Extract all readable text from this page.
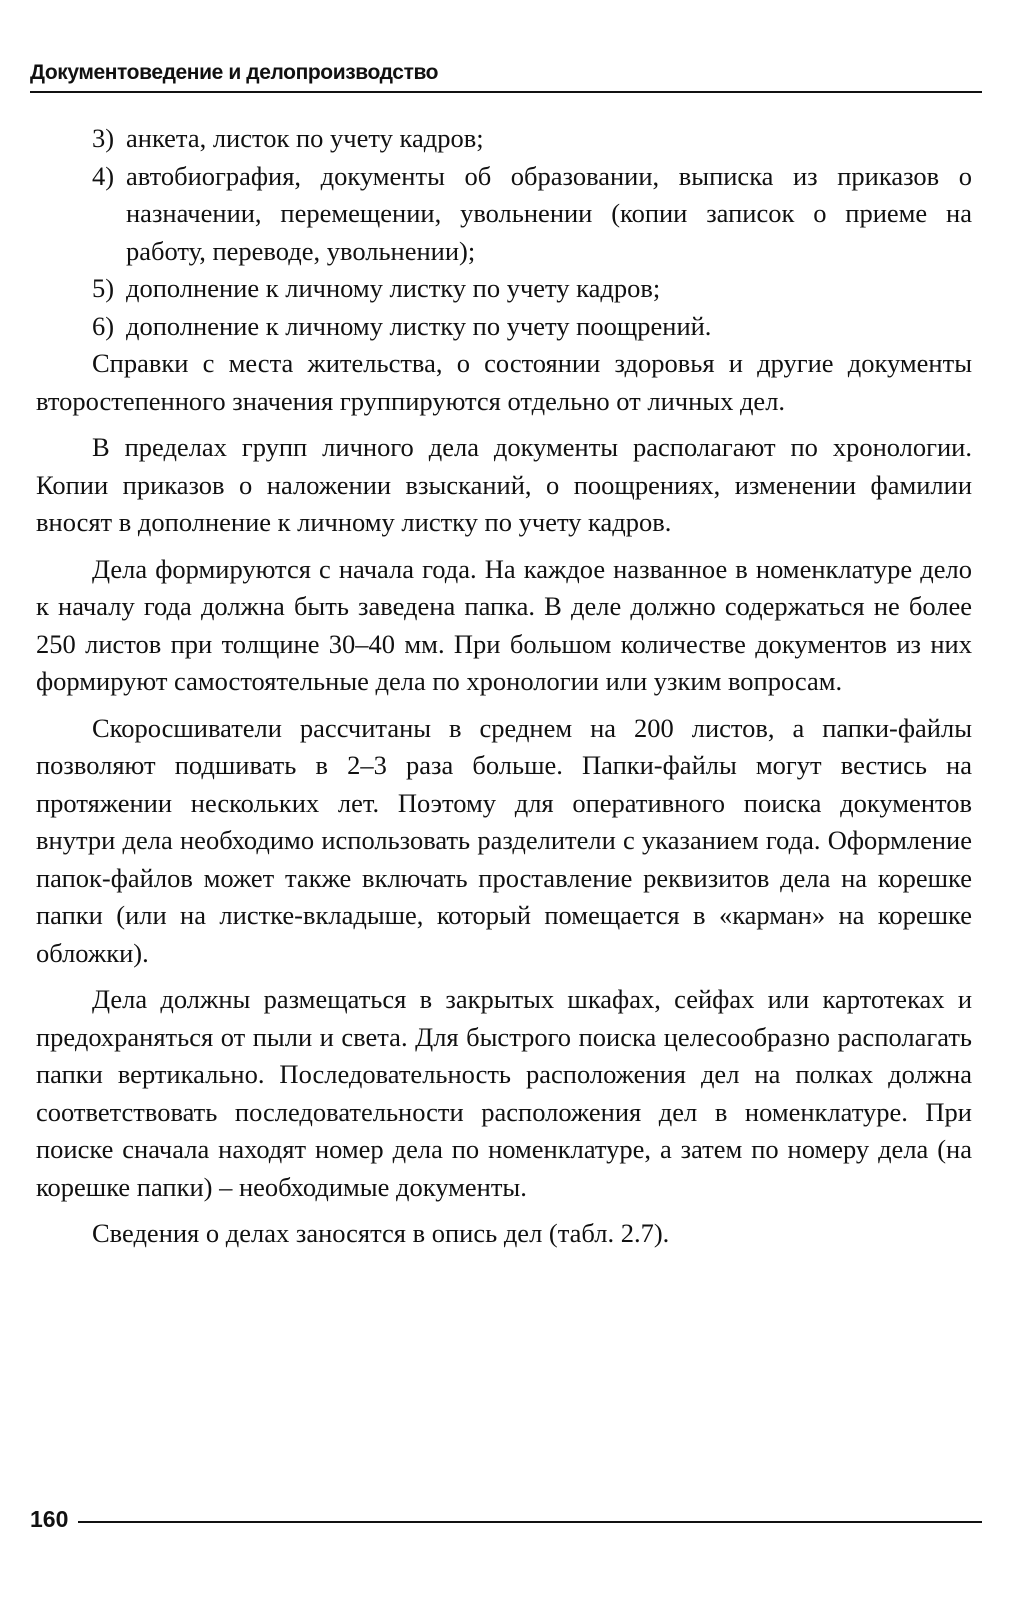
Документоведение и делопроизводство
3) анкета, листок по учету кадров;
4) автобиография, документы об образовании, выписка из приказов о назначении, перемещении, увольнении (копии записок о приеме на работу, переводе, увольнении);
5) дополнение к личному листку по учету кадров;
6) дополнение к личному листку по учету поощрений.

Справки с места жительства, о состоянии здоровья и другие документы второстепенного значения группируются отдельно от личных дел.

В пределах групп личного дела документы располагают по хронологии. Копии приказов о наложении взысканий, о поощрениях, изменении фамилии вносят в дополнение к личному листку по учету кадров.

Дела формируются с начала года. На каждое названное в номенклатуре дело к началу года должна быть заведена папка. В деле должно содержаться не более 250 листов при толщине 30–40 мм. При большом количестве документов из них формируют самостоятельные дела по хронологии или узким вопросам.

Скоросшиватели рассчитаны в среднем на 200 листов, а папки-файлы позволяют подшивать в 2–3 раза больше. Папки-файлы могут вестись на протяжении нескольких лет. Поэтому для оперативного поиска документов внутри дела необходимо использовать разделители с указанием года. Оформление папок-файлов может также включать проставление реквизитов дела на корешке папки (или на листке-вкладыше, который помещается в «карман» на корешке обложки).

Дела должны размещаться в закрытых шкафах, сейфах или картотеках и предохраняться от пыли и света. Для быстрого поиска целесообразно располагать папки вертикально. Последовательность расположения дел на полках должна соответствовать последовательности расположения дел в номенклатуре. При поиске сначала находят номер дела по номенклатуре, а затем по номеру дела (на корешке папки) – необходимые документы.

Сведения о делах заносятся в опись дел (табл. 2.7).

160
